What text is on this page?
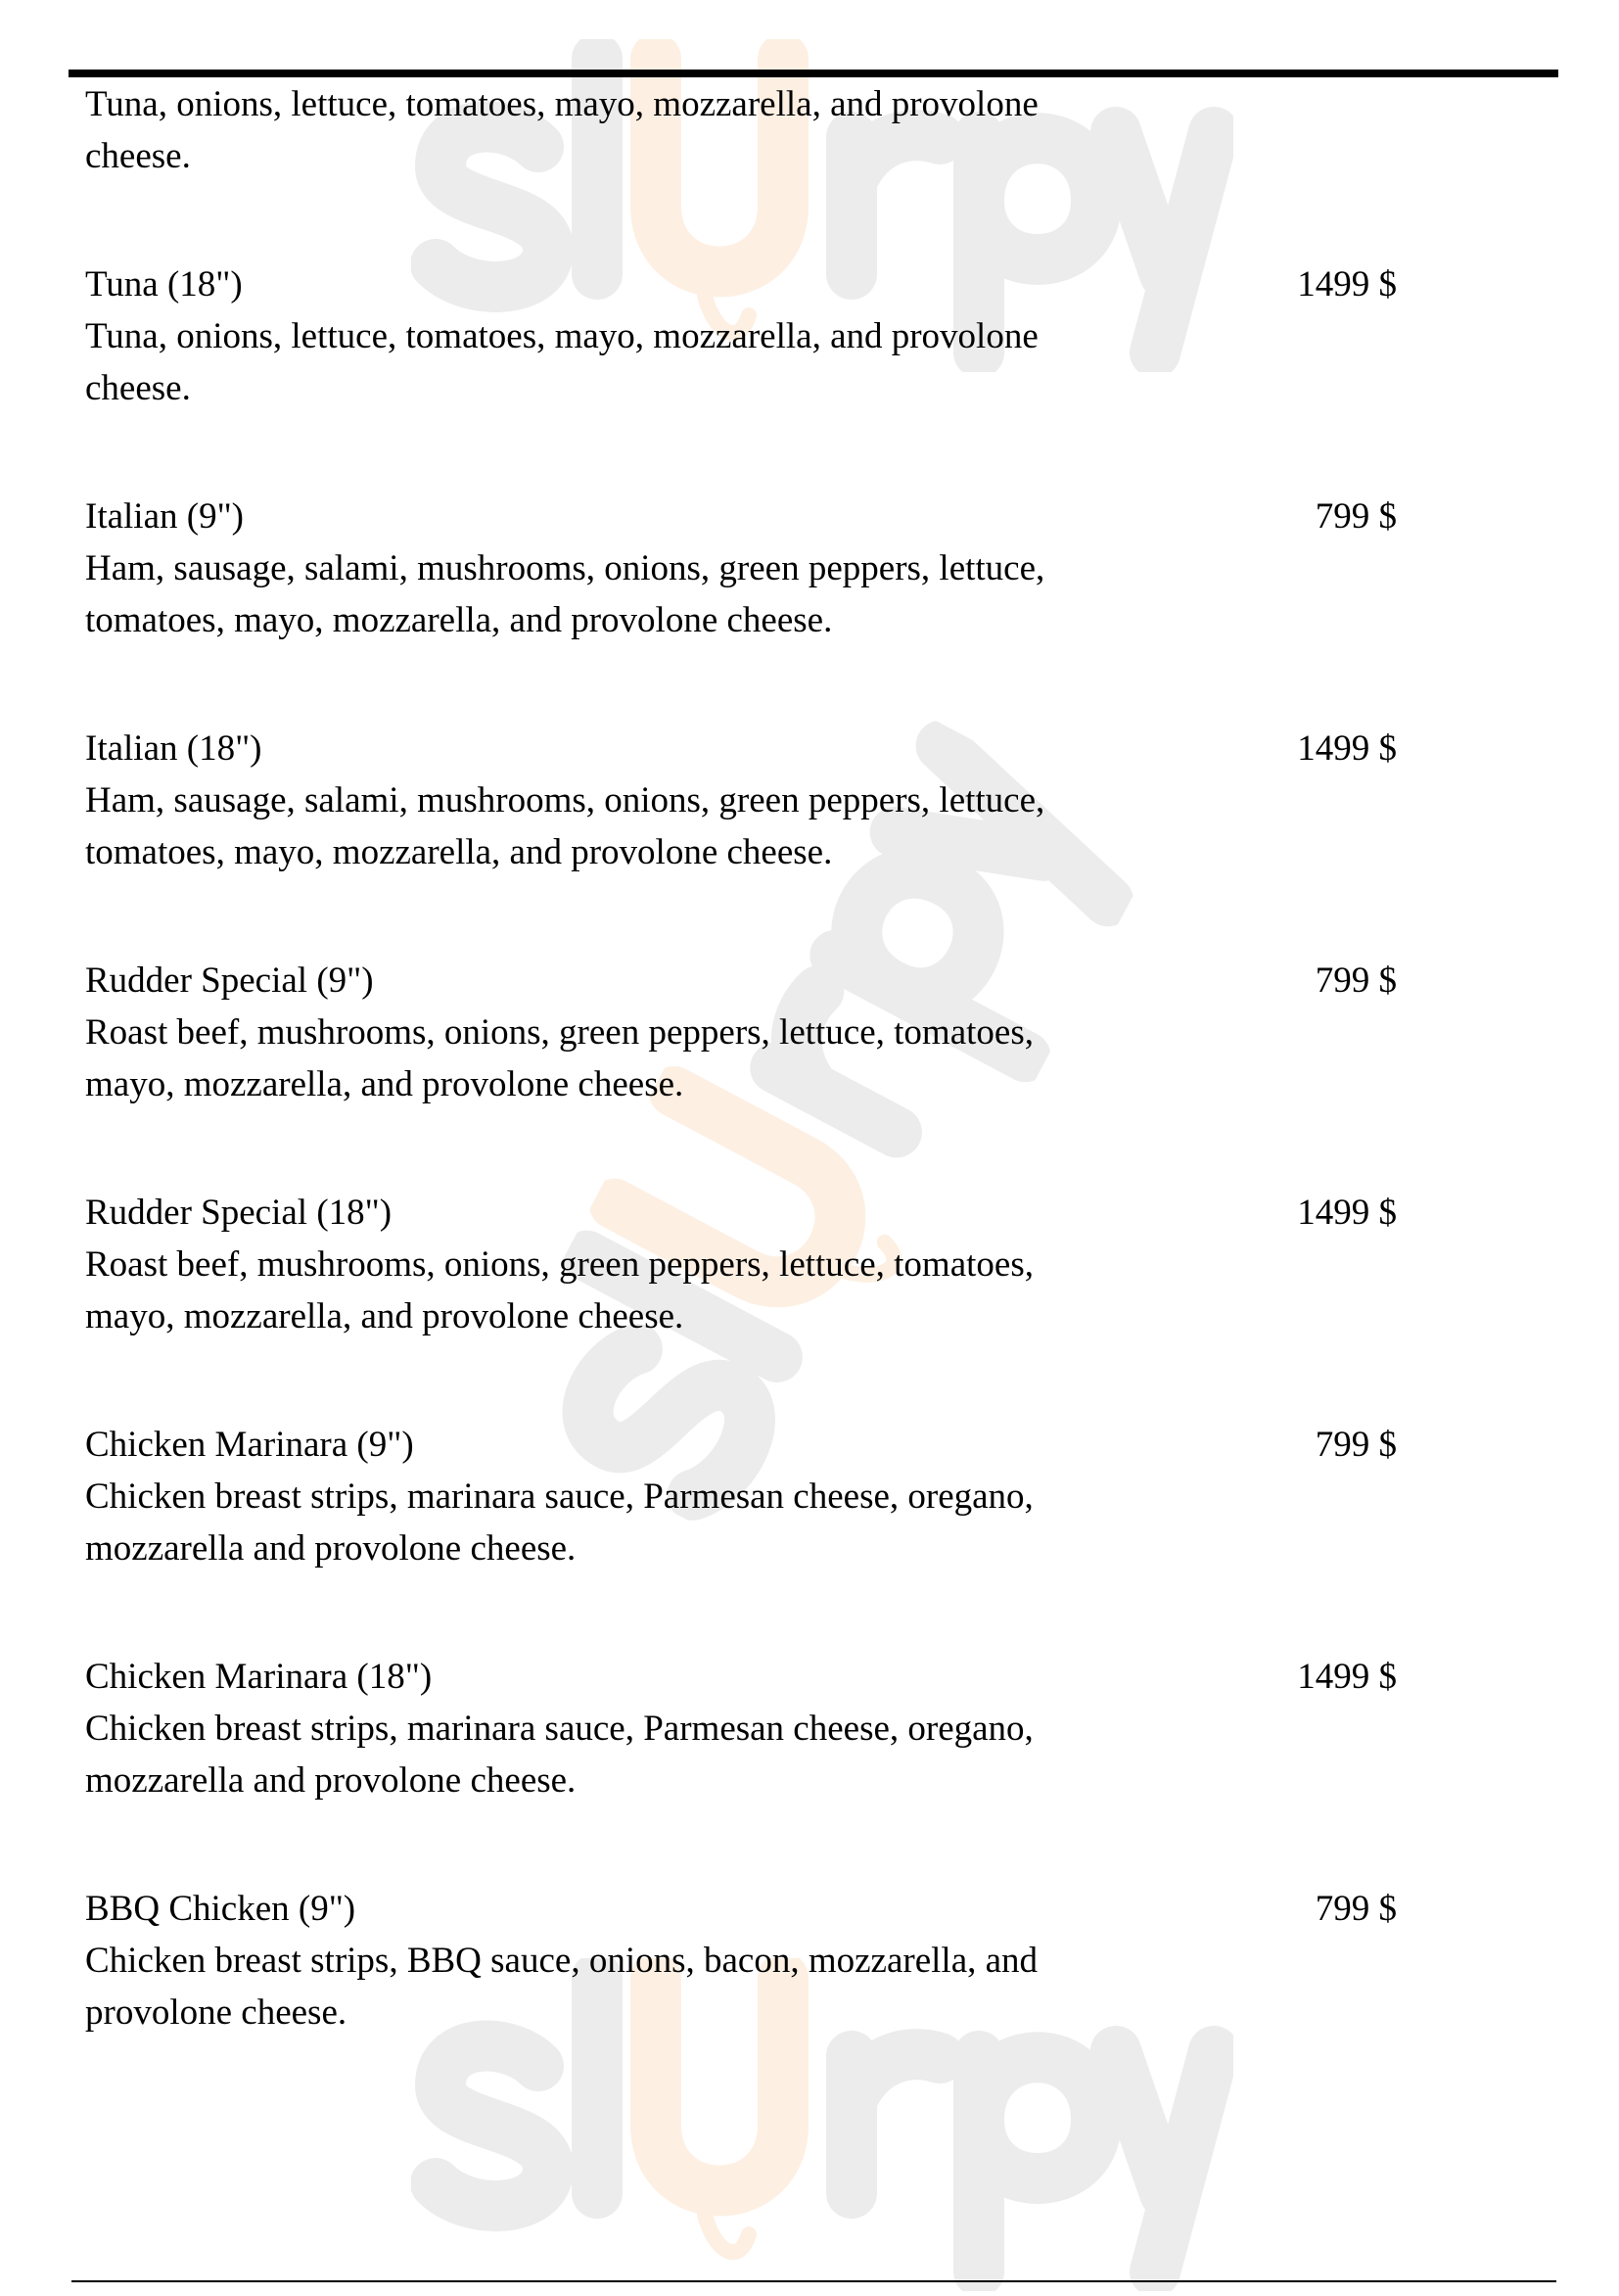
Tuna, onions, lettuce, tomatoes, mayo, mozzarella, and provolone
cheese.
Tuna (18")	1499 $
Tuna, onions, lettuce, tomatoes, mayo, mozzarella, and provolone
cheese.
Italian (9")	799 $
Ham, sausage, salami, mushrooms, onions, green peppers, lettuce,
tomatoes, mayo, mozzarella, and provolone cheese.
Italian (18")	1499 $
Ham, sausage, salami, mushrooms, onions, green peppers, lettuce,
tomatoes, mayo, mozzarella, and provolone cheese.
Rudder Special (9")	799 $
Roast beef, mushrooms, onions, green peppers, lettuce, tomatoes,
mayo, mozzarella, and provolone cheese.
Rudder Special (18")	1499 $
Roast beef, mushrooms, onions, green peppers, lettuce, tomatoes,
mayo, mozzarella, and provolone cheese.
Chicken Marinara (9")	799 $
Chicken breast strips, marinara sauce, Parmesan cheese, oregano,
mozzarella and provolone cheese.
Chicken Marinara (18")	1499 $
Chicken breast strips, marinara sauce, Parmesan cheese, oregano,
mozzarella and provolone cheese.
BBQ Chicken (9")	799 $
Chicken breast strips, BBQ sauce, onions, bacon, mozzarella, and
provolone cheese.
